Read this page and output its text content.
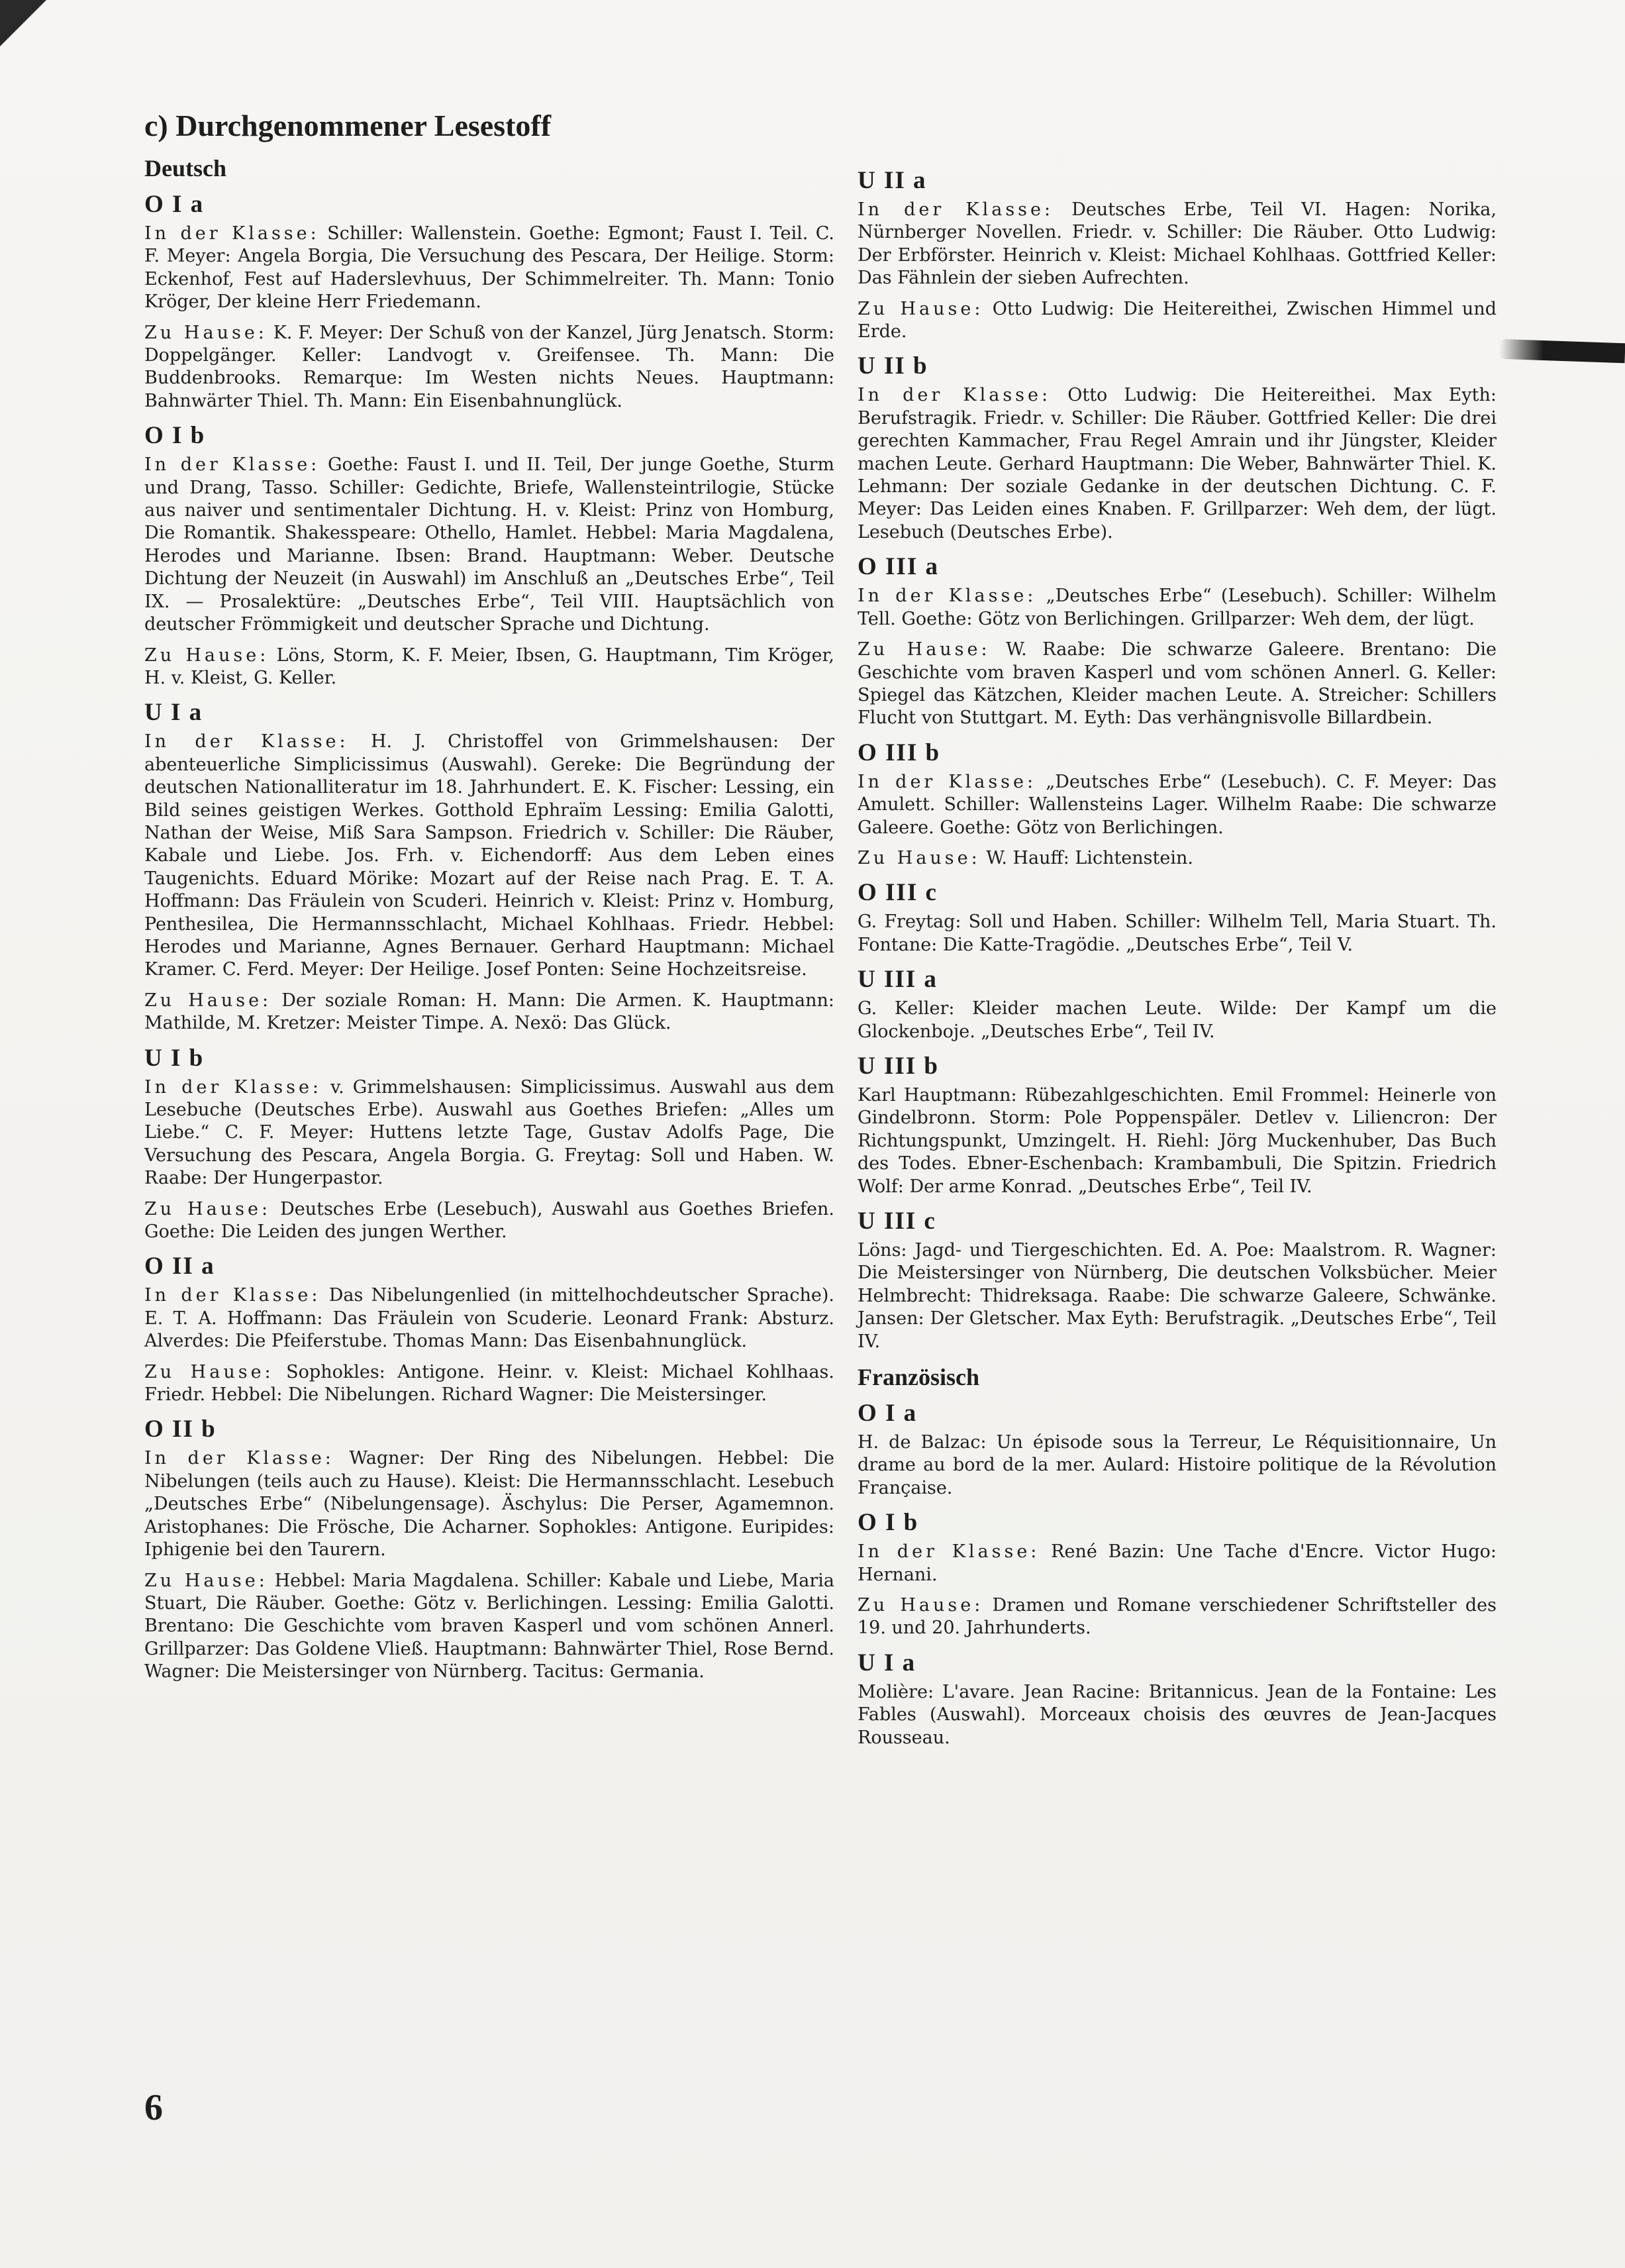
c) Durchgenommener Lesestoff
Deutsch
O I a

In der Klasse: Schiller: Wallenstein. Goethe: Egmont; Faust I. Teil. C. F. Meyer: Angela Borgia, Die Versuchung des Pescara, Der Heilige. Storm: Eckenhof, Fest auf Haderslevhuus, Der Schimmelreiter. Th. Mann: Tonio Kröger, Der kleine Herr Friedemann.

Zu Hause: K. F. Meyer: Der Schuß von der Kanzel, Jürg Jenatsch. Storm: Doppelgänger. Keller: Landvogt v. Greifensee. Th. Mann: Die Buddenbrooks. Remarque: Im Westen nichts Neues. Hauptmann: Bahnwärter Thiel. Th. Mann: Ein Eisenbahnunglück.

O I b

In der Klasse: Goethe: Faust I. und II. Teil, Der junge Goethe, Sturm und Drang, Tasso. Schiller: Gedichte, Briefe, Wallensteintrilogie, Stücke aus naiver und sentimentaler Dichtung. H. v. Kleist: Prinz von Homburg, Die Romantik. Shakesspeare: Othello, Hamlet. Hebbel: Maria Magdalena, Herodes und Marianne. Ibsen: Brand. Hauptmann: Weber. Deutsche Dichtung der Neuzeit (in Auswahl) im Anschluß an „Deutsches Erbe“, Teil IX. — Prosalektüre: „Deutsches Erbe“, Teil VIII. Hauptsächlich von deutscher Frömmigkeit und deutscher Sprache und Dichtung.

Zu Hause: Löns, Storm, K. F. Meier, Ibsen, G. Hauptmann, Tim Kröger, H. v. Kleist, G. Keller.

U I a

In der Klasse: H. J. Christoffel von Grimmelshausen: Der abenteuerliche Simplicissimus (Auswahl). Gereke: Die Begründung der deutschen Nationalliteratur im 18. Jahrhundert. E. K. Fischer: Lessing, ein Bild seines geistigen Werkes. Gotthold Ephraïm Lessing: Emilia Galotti, Nathan der Weise, Miß Sara Sampson. Friedrich v. Schiller: Die Räuber, Kabale und Liebe. Jos. Frh. v. Eichendorff: Aus dem Leben eines Taugenichts. Eduard Mörike: Mozart auf der Reise nach Prag. E. T. A. Hoffmann: Das Fräulein von Scuderi. Heinrich v. Kleist: Prinz v. Homburg, Penthesilea, Die Hermannsschlacht, Michael Kohlhaas. Friedr. Hebbel: Herodes und Marianne, Agnes Bernauer. Gerhard Hauptmann: Michael Kramer. C. Ferd. Meyer: Der Heilige. Josef Ponten: Seine Hochzeitsreise.

Zu Hause: Der soziale Roman: H. Mann: Die Armen. K. Hauptmann: Mathilde, M. Kretzer: Meister Timpe. A. Nexö: Das Glück.

U I b

In der Klasse: v. Grimmelshausen: Simplicissimus. Auswahl aus dem Lesebuche (Deutsches Erbe). Auswahl aus Goethes Briefen: „Alles um Liebe.“ C. F. Meyer: Huttens letzte Tage, Gustav Adolfs Page, Die Versuchung des Pescara, Angela Borgia. G. Freytag: Soll und Haben. W. Raabe: Der Hungerpastor.

Zu Hause: Deutsches Erbe (Lesebuch), Auswahl aus Goethes Briefen. Goethe: Die Leiden des jungen Werther.

O II a

In der Klasse: Das Nibelungenlied (in mittelhochdeutscher Sprache). E. T. A. Hoffmann: Das Fräulein von Scuderie. Leonard Frank: Absturz. Alverdes: Die Pfeiferstube. Thomas Mann: Das Eisenbahnunglück.

Zu Hause: Sophokles: Antigone. Heinr. v. Kleist: Michael Kohlhaas. Friedr. Hebbel: Die Nibelungen. Richard Wagner: Die Meistersinger.

O II b

In der Klasse: Wagner: Der Ring des Nibelungen. Hebbel: Die Nibelungen (teils auch zu Hause). Kleist: Die Hermannsschlacht. Lesebuch „Deutsches Erbe“ (Nibelungensage). Äschylus: Die Perser, Agamemnon. Aristophanes: Die Frösche, Die Acharner. Sophokles: Antigone. Euripides: Iphigenie bei den Taurern.

Zu Hause: Hebbel: Maria Magdalena. Schiller: Kabale und Liebe, Maria Stuart, Die Räuber. Goethe: Götz v. Berlichingen. Lessing: Emilia Galotti. Brentano: Die Geschichte vom braven Kasperl und vom schönen Annerl. Grillparzer: Das Goldene Vließ. Hauptmann: Bahnwärter Thiel, Rose Bernd. Wagner: Die Meistersinger von Nürnberg. Tacitus: Germania.

U II a

In der Klasse: Deutsches Erbe, Teil VI. Hagen: Norika, Nürnberger Novellen. Friedr. v. Schiller: Die Räuber. Otto Ludwig: Der Erbförster. Heinrich v. Kleist: Michael Kohlhaas. Gottfried Keller: Das Fähnlein der sieben Aufrechten.

Zu Hause: Otto Ludwig: Die Heitereithei, Zwischen Himmel und Erde.

U II b

In der Klasse: Otto Ludwig: Die Heitereithei. Max Eyth: Berufstragik. Friedr. v. Schiller: Die Räuber. Gottfried Keller: Die drei gerechten Kammacher, Frau Regel Amrain und ihr Jüngster, Kleider machen Leute. Gerhard Hauptmann: Die Weber, Bahnwärter Thiel. K. Lehmann: Der soziale Gedanke in der deutschen Dichtung. C. F. Meyer: Das Leiden eines Knaben. F. Grillparzer: Weh dem, der lügt. Lesebuch (Deutsches Erbe).

O III a

In der Klasse: „Deutsches Erbe“ (Lesebuch). Schiller: Wilhelm Tell. Goethe: Götz von Berlichingen. Grillparzer: Weh dem, der lügt.

Zu Hause: W. Raabe: Die schwarze Galeere. Brentano: Die Geschichte vom braven Kasperl und vom schönen Annerl. G. Keller: Spiegel das Kätzchen, Kleider machen Leute. A. Streicher: Schillers Flucht von Stuttgart. M. Eyth: Das verhängnisvolle Billardbein.

O III b

In der Klasse: „Deutsches Erbe“ (Lesebuch). C. F. Meyer: Das Amulett. Schiller: Wallensteins Lager. Wilhelm Raabe: Die schwarze Galeere. Goethe: Götz von Berlichingen.

Zu Hause: W. Hauff: Lichtenstein.

O III c

G. Freytag: Soll und Haben. Schiller: Wilhelm Tell, Maria Stuart. Th. Fontane: Die Katte-Tragödie. „Deutsches Erbe“, Teil V.

U III a

G. Keller: Kleider machen Leute. Wilde: Der Kampf um die Glockenboje. „Deutsches Erbe“, Teil IV.

U III b

Karl Hauptmann: Rübezahlgeschichten. Emil Frommel: Heinerle von Gindelbronn. Storm: Pole Poppenspäler. Detlev v. Liliencron: Der Richtungspunkt, Umzingelt. H. Riehl: Jörg Muckenhuber, Das Buch des Todes. Ebner-Eschenbach: Krambambuli, Die Spitzin. Friedrich Wolf: Der arme Konrad. „Deutsches Erbe“, Teil IV.

U III c

Löns: Jagd- und Tiergeschichten. Ed. A. Poe: Maalstrom. R. Wagner: Die Meistersinger von Nürnberg, Die deutschen Volksbücher. Meier Helmbrecht: Thidreksaga. Raabe: Die schwarze Galeere, Schwänke. Jansen: Der Gletscher. Max Eyth: Berufstragik. „Deutsches Erbe“, Teil IV.

Französisch
O I a

H. de Balzac: Un épisode sous la Terreur, Le Réquisitionnaire, Un drame au bord de la mer. Aulard: Histoire politique de la Révolution Française.

O I b

In der Klasse: René Bazin: Une Tache d'Encre. Victor Hugo: Hernani.

Zu Hause: Dramen und Romane verschiedener Schriftsteller des 19. und 20. Jahrhunderts.

U I a

Molière: L'avare. Jean Racine: Britannicus. Jean de la Fontaine: Les Fables (Auswahl). Morceaux choisis des œuvres de Jean-Jacques Rousseau.

6
